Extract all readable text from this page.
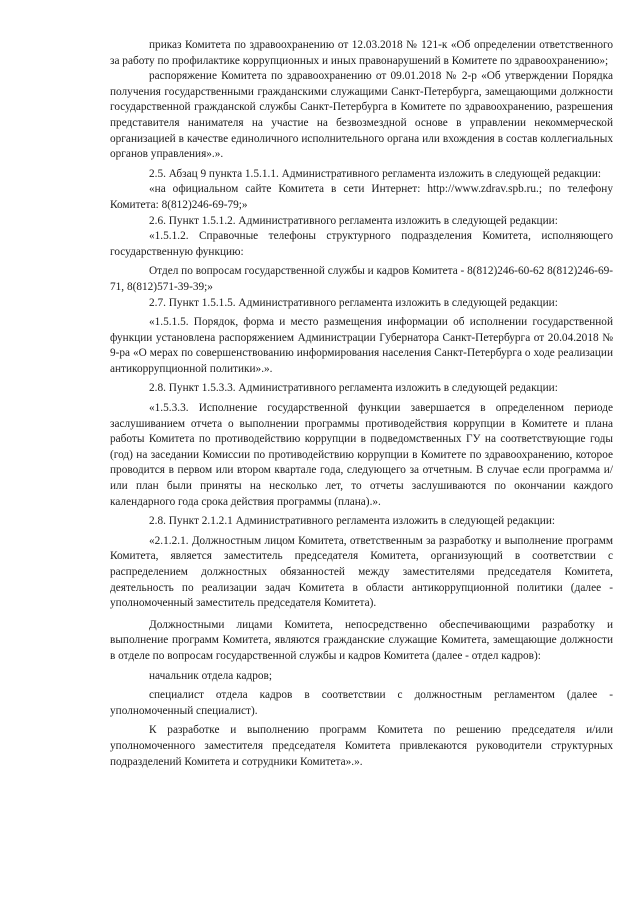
приказ Комитета по здравоохранению от 12.03.2018 № 121-к «Об определении ответственного за работу по профилактике коррупционных и иных правонарушений в Комитете по здравоохранению»;

распоряжение Комитета по здравоохранению от 09.01.2018 № 2-р «Об утверждении Порядка получения государственными гражданскими служащими Санкт-Петербурга, замещающими должности государственной гражданской службы Санкт-Петербурга в Комитете по здравоохранению, разрешения представителя нанимателя на участие на безвозмездной основе в управлении некоммерческой организацией в качестве единоличного исполнительного органа или вхождения в состав коллегиальных органов управления».».

2.5. Абзац 9 пункта 1.5.1.1. Административного регламента изложить в следующей редакции:

«на официальном сайте Комитета в сети Интернет: http://www.zdrav.spb.ru.; по телефону Комитета: 8(812)246-69-79;»

2.6. Пункт 1.5.1.2. Административного регламента изложить в следующей редакции:

«1.5.1.2. Справочные телефоны структурного подразделения Комитета, исполняющего государственную функцию:

Отдел по вопросам государственной службы и кадров Комитета - 8(812)246-60-62 8(812)246-69-71, 8(812)571-39-39;»

2.7. Пункт 1.5.1.5. Административного регламента изложить в следующей редакции:

«1.5.1.5. Порядок, форма и место размещения информации об исполнении государственной функции установлена распоряжением Администрации Губернатора Санкт-Петербурга от 20.04.2018 № 9-ра «О мерах по совершенствованию информирования населения Санкт-Петербурга о ходе реализации антикоррупционной политики».».

2.8. Пункт 1.5.3.3. Административного регламента изложить в следующей редакции:

«1.5.3.3. Исполнение государственной функции завершается в определенном периоде заслушиванием отчета о выполнении программы противодействия коррупции в Комитете и плана работы Комитета по противодействию коррупции в подведомственных ГУ на соответствующие годы (год) на заседании Комиссии по противодействию коррупции в Комитете по здравоохранению, которое проводится в первом или втором квартале года, следующего за отчетным. В случае если программа и/или план были приняты на несколько лет, то отчеты заслушиваются по окончании каждого календарного года срока действия программы (плана).».

2.8. Пункт 2.1.2.1 Административного регламента изложить в следующей редакции:

«2.1.2.1. Должностным лицом Комитета, ответственным за разработку и выполнение программ Комитета, является заместитель председателя Комитета, организующий в соответствии с распределением должностных обязанностей между заместителями председателя Комитета, деятельность по реализации задач Комитета в области антикоррупционной политики (далее - уполномоченный заместитель председателя Комитета).

Должностными лицами Комитета, непосредственно обеспечивающими разработку и выполнение программ Комитета, являются гражданские служащие Комитета, замещающие должности в отделе по вопросам государственной службы и кадров Комитета (далее - отдел кадров):

начальник отдела кадров;

специалист отдела кадров в соответствии с должностным регламентом (далее - уполномоченный специалист).

К разработке и выполнению программ Комитета по решению председателя и/или уполномоченного заместителя председателя Комитета привлекаются руководители структурных подразделений Комитета и сотрудники Комитета».».
